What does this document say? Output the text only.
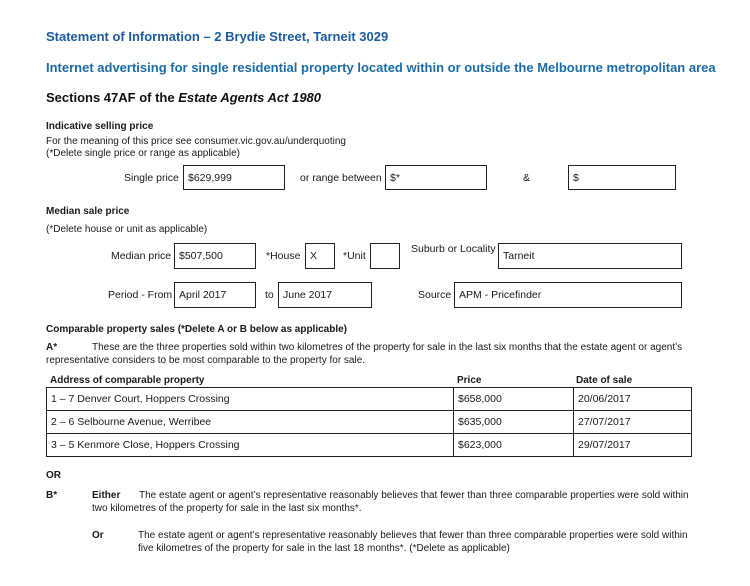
Statement of Information – 2 Brydie Street, Tarneit 3029
Internet advertising for single residential property located within or outside the Melbourne metropolitan area
Sections 47AF of the Estate Agents Act 1980
Indicative selling price
For the meaning of this price see consumer.vic.gov.au/underquoting
(*Delete single price or range as applicable)
Single price $629,999	or range between $*	&	$
Median sale price
(*Delete house or unit as applicable)
Median price $507,500	*House X	*Unit
Suburb or Locality
Tarneit
Period - From April 2017	to June 2017	Source APM - Pricefinder
Comparable property sales (*Delete A or B below as applicable)
A*	These are the three properties sold within two kilometres of the property for sale in the last six months that the estate agent or agent’s
representative considers to be most comparable to the property for sale.
Address of comparable property	Price	Date of sale
1 – 7 Denver Court, Hoppers Crossing	$658,000	20/06/2017
2 – 6 Selbourne Avenue, Werribee	$635,000	27/07/2017
3 – 5 Kenmore Close, Hoppers Crossing	$623,000	29/07/2017
OR
B*	Either The estate agent or agent’s representative reasonably believes that fewer than three comparable properties were sold within
two kilometres of the property for sale in the last six months*.
Or	The estate agent or agent’s representative reasonably believes that fewer than three comparable properties were sold within
five kilometres of the property for sale in the last 18 months*. (*Delete as applicable)
